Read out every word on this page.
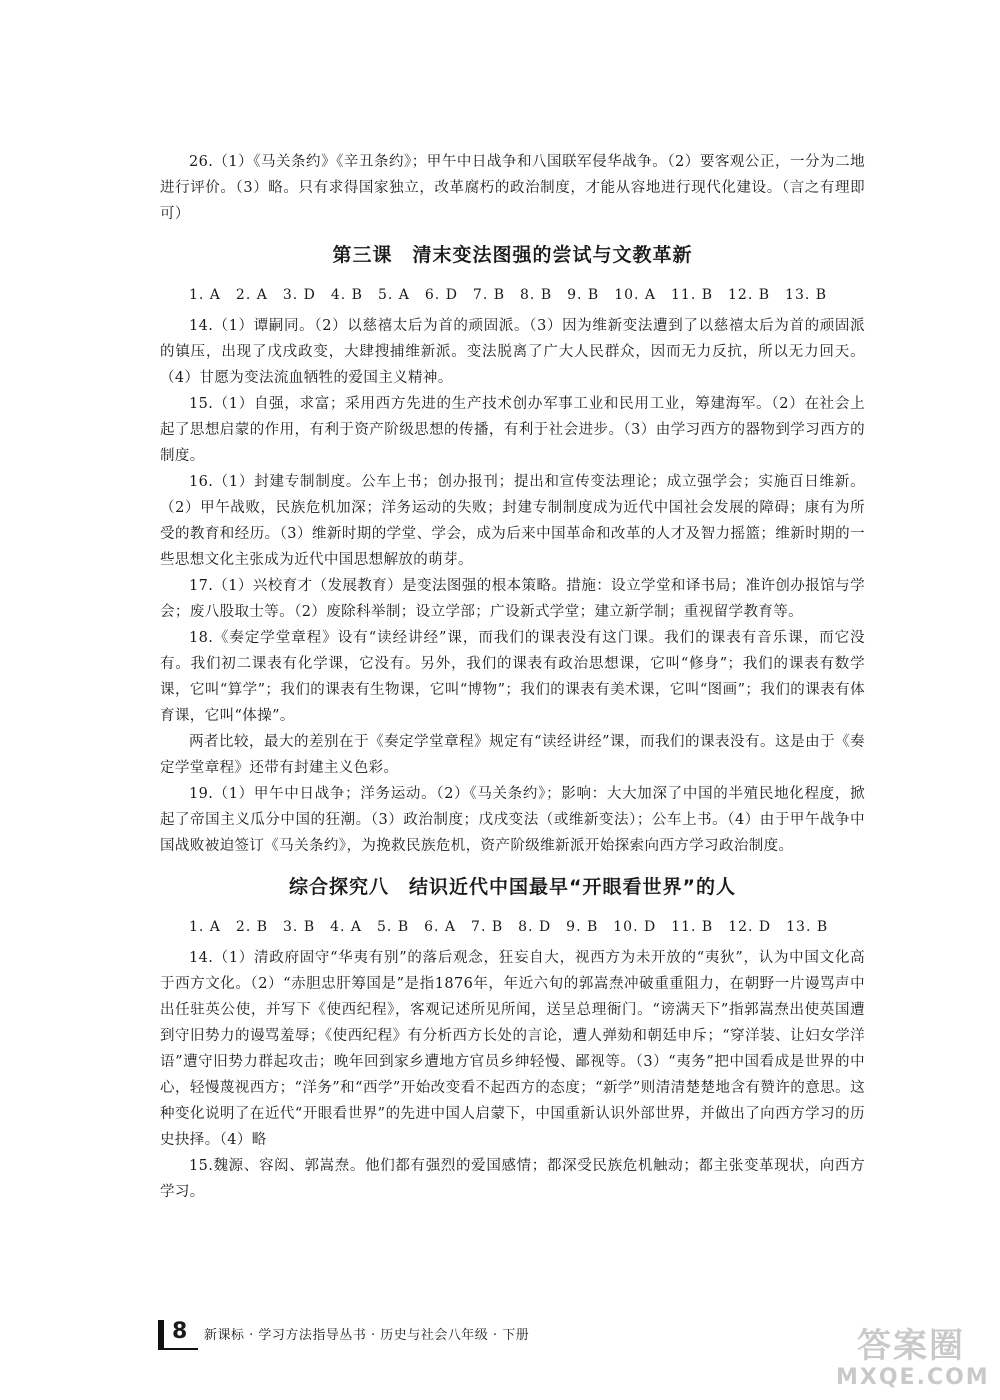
26.（1）《马关条约》《辛丑条约》；甲午中日战争和八国联军侵华战争。（2）要客观公正，一分为二地进行评价。（3）略。只有求得国家独立，改革腐朽的政治制度，才能从容地进行现代化建设。（言之有理即可）

第三课　清末变法图强的尝试与文教革新

1. A　2. A　3. D　4. B　5. A　6. D　7. B　8. B　9. B　10. A　11. B　12. B　13. B

14.（1）谭嗣同。（2）以慈禧太后为首的顽固派。（3）因为维新变法遭到了以慈禧太后为首的顽固派的镇压，出现了戊戌政变，大肆搜捕维新派。变法脱离了广大人民群众，因而无力反抗，所以无力回天。（4）甘愿为变法流血牺牲的爱国主义精神。

15.（1）自强，求富；采用西方先进的生产技术创办军事工业和民用工业，筹建海军。（2）在社会上起了思想启蒙的作用，有利于资产阶级思想的传播，有利于社会进步。（3）由学习西方的器物到学习西方的制度。

16.（1）封建专制制度。公车上书；创办报刊；提出和宣传变法理论；成立强学会；实施百日维新。（2）甲午战败，民族危机加深；洋务运动的失败；封建专制制度成为近代中国社会发展的障碍；康有为所受的教育和经历。（3）维新时期的学堂、学会，成为后来中国革命和改革的人才及智力摇篮；维新时期的一些思想文化主张成为近代中国思想解放的萌芽。

17.（1）兴校育才（发展教育）是变法图强的根本策略。措施：设立学堂和译书局；准许创办报馆与学会；废八股取士等。（2）废除科举制；设立学部；广设新式学堂；建立新学制；重视留学教育等。

18.《奏定学堂章程》设有“读经讲经”课，而我们的课表没有这门课。我们的课表有音乐课，而它没有。我们初二课表有化学课，它没有。另外，我们的课表有政治思想课，它叫“修身”；我们的课表有数学课，它叫“算学”；我们的课表有生物课，它叫“博物”；我们的课表有美术课，它叫“图画”；我们的课表有体育课，它叫“体操”。

两者比较，最大的差别在于《奏定学堂章程》规定有“读经讲经”课，而我们的课表没有。这是由于《奏定学堂章程》还带有封建主义色彩。

19.（1）甲午中日战争；洋务运动。（2）《马关条约》；影响：大大加深了中国的半殖民地化程度，掀起了帝国主义瓜分中国的狂潮。（3）政治制度；戊戌变法（或维新变法）；公车上书。（4）由于甲午战争中国战败被迫签订《马关条约》，为挽救民族危机，资产阶级维新派开始探索向西方学习政治制度。

综合探究八　结识近代中国最早“开眼看世界”的人

1. A　2. B　3. B　4. A　5. B　6. A　7. B　8. D　9. B　10. D　11. B　12. D　13. B

14.（1）清政府固守“华夷有别”的落后观念，狂妄自大，视西方为未开放的“夷狄”，认为中国文化高于西方文化。（2）“赤胆忠肝筹国是”是指1876年，年近六旬的郭嵩焘冲破重重阻力，在朝野一片谩骂声中出任驻英公使，并写下《使西纪程》，客观记述所见所闻，送呈总理衙门。“谤满天下”指郭嵩焘出使英国遭到守旧势力的谩骂羞辱；《使西纪程》有分析西方长处的言论，遭人弹劾和朝廷申斥；“穿洋装、让妇女学洋语”遭守旧势力群起攻击；晚年回到家乡遭地方官员乡绅轻慢、鄙视等。（3）“夷务”把中国看成是世界的中心，轻慢蔑视西方；“洋务”和“西学”开始改变看不起西方的态度；“新学”则清清楚楚地含有赞许的意思。这种变化说明了在近代“开眼看世界”的先进中国人启蒙下，中国重新认识外部世界，并做出了向西方学习的历史抉择。（4）略

15.魏源、容闳、郭嵩焘。他们都有强烈的爱国感情；都深受民族危机触动；都主张变革现状，向西方学习。

8 新课标 · 学习方法指导丛书 · 历史与社会八年级 · 下册	答案圈
MXQE.COM
